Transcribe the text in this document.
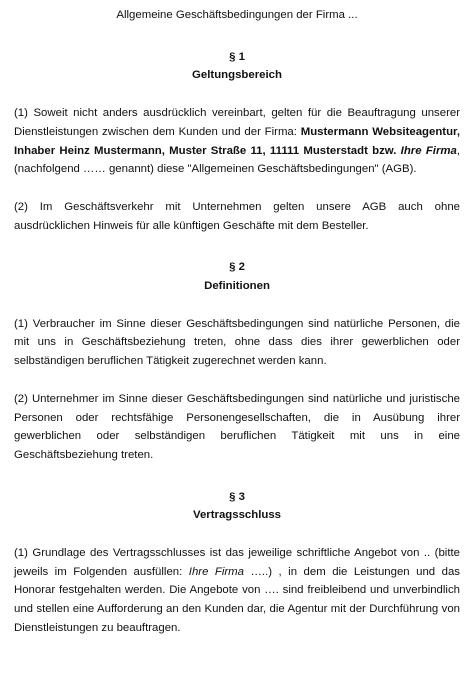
Allgemeine Geschäftsbedingungen der Firma ...

§ 1

Geltungsbereich

(1) Soweit nicht anders ausdrücklich vereinbart, gelten für die Beauftragung unserer Dienstleistungen zwischen dem Kunden und der Firma: Mustermann Websiteagentur, Inhaber Heinz Mustermann, Muster Straße 11, 11111 Musterstadt bzw. Ihre Firma, (nachfolgend …… genannt) diese "Allgemeinen Geschäftsbedingungen" (AGB).

(2) Im Geschäftsverkehr mit Unternehmen gelten unsere AGB auch ohne ausdrücklichen Hinweis für alle künftigen Geschäfte mit dem Besteller.

§ 2

Definitionen

(1) Verbraucher im Sinne dieser Geschäftsbedingungen sind natürliche Personen, die mit uns in Geschäftsbeziehung treten, ohne dass dies ihrer gewerblichen oder selbständigen beruflichen Tätigkeit zugerechnet werden kann.

(2) Unternehmer im Sinne dieser Geschäftsbedingungen sind natürliche und juristische Personen oder rechtsfähige Personengesellschaften, die in Ausübung ihrer gewerblichen oder selbständigen beruflichen Tätigkeit mit uns in eine Geschäftsbeziehung treten.

§ 3

Vertragsschluss

(1) Grundlage des Vertragsschlusses ist das jeweilige schriftliche Angebot von .. (bitte jeweils im Folgenden ausfüllen: Ihre Firma …..) , in dem die Leistungen und das Honorar festgehalten werden. Die Angebote von …. sind freibleibend und unverbindlich und stellen eine Aufforderung an den Kunden dar, die Agentur mit der Durchführung von Dienstleistungen zu beauftragen.
